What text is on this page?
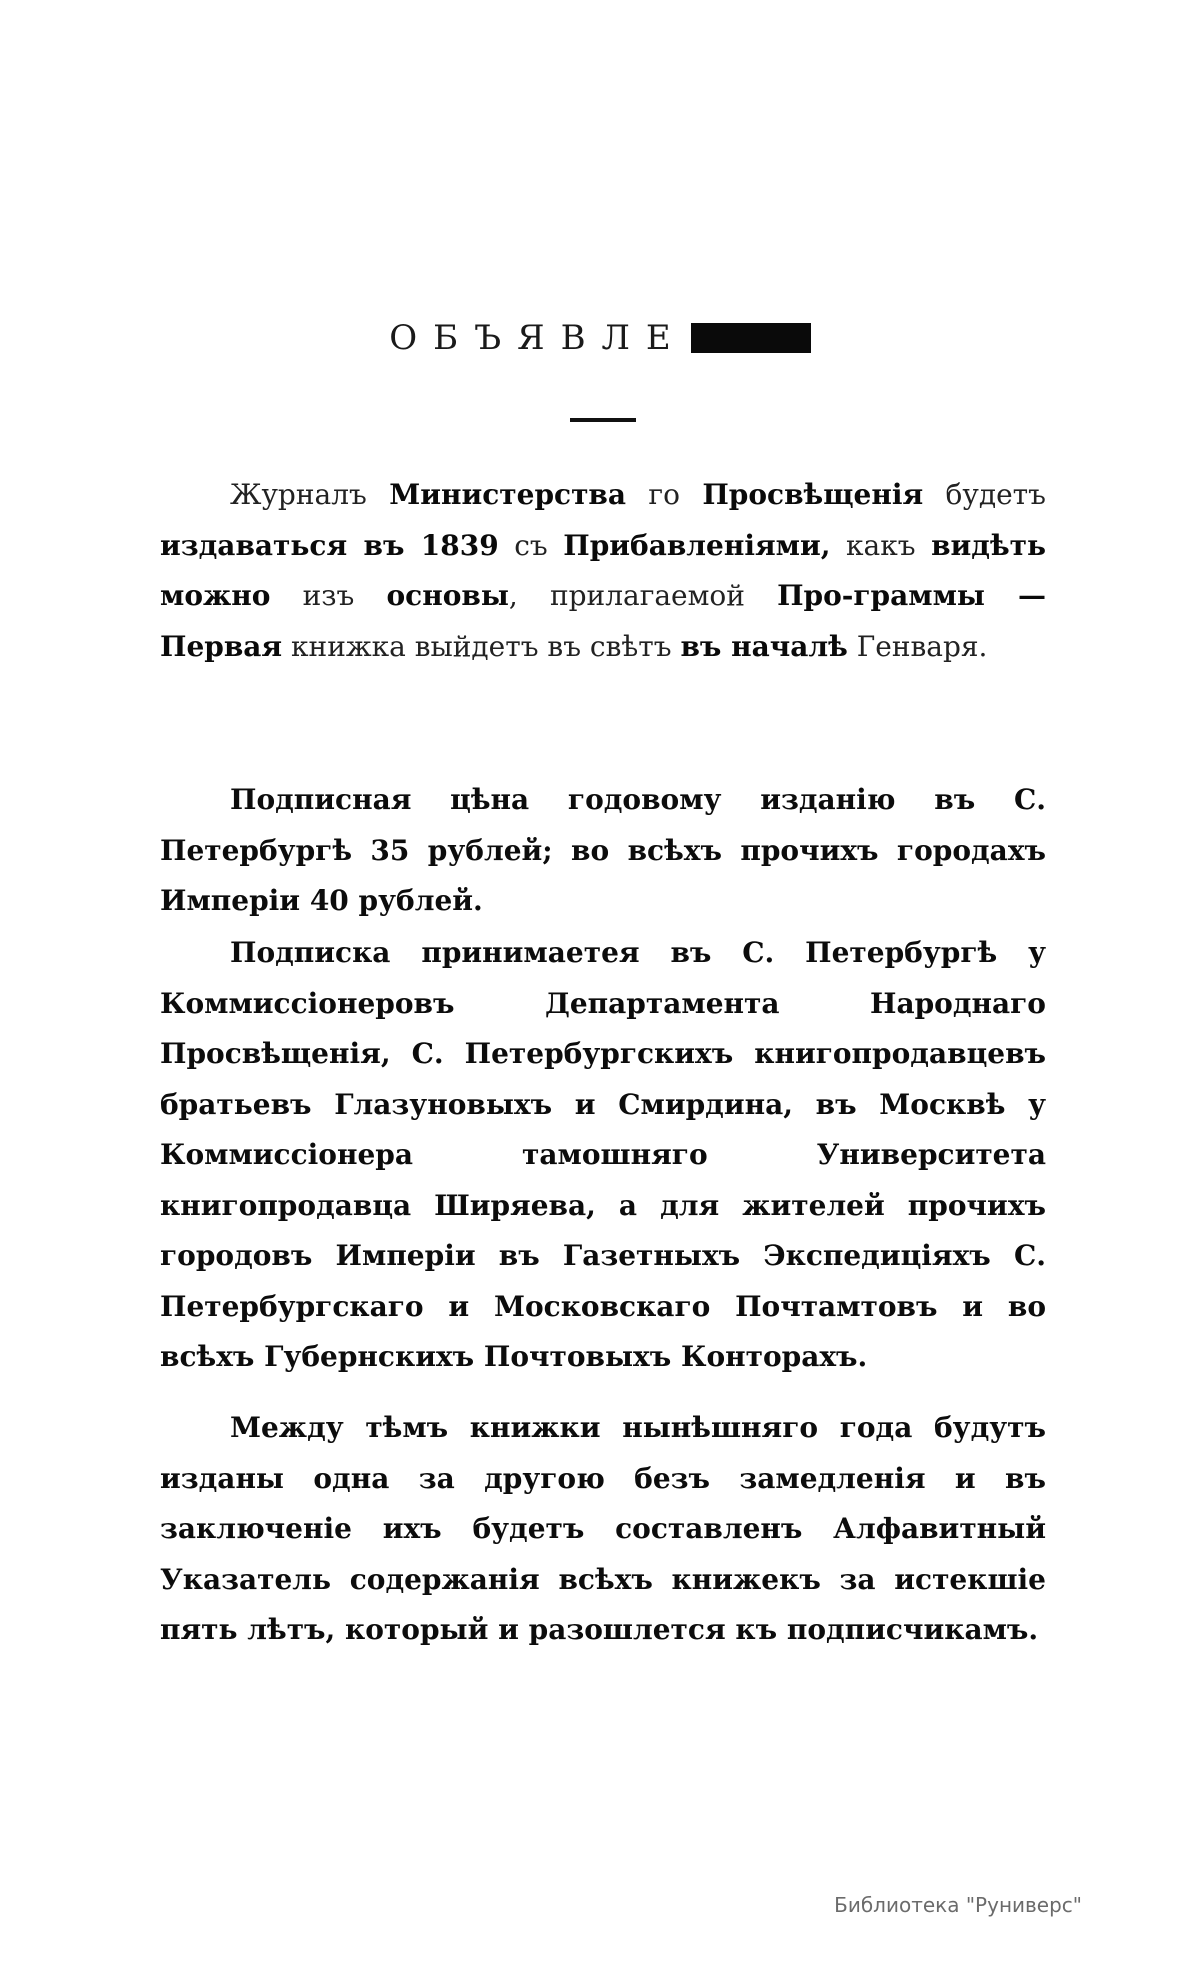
ОБЪЯВЛЕ
Журналъ Министерства го Просвѣщенія будетъ издаваться въ 1839 съ Прибавленіями, какъ видѣть можно изъ основы, прилагаемой Про-граммы — Первая книжка выйдетъ въ свѣтъ въ началѣ Генваря.
Подписная цѣна годовому изданію въ С. Петербургѣ 35 рублей; во всѣхъ прочихъ городахъ Имперіи 40 рублей.
Подписка принимаетея въ С. Петербургѣ у Коммиссіонеровъ Департамента Народнаго Просвѣщенія, С. Петербургскихъ книгопродавцевъ братьевъ Глазуновыхъ и Смирдина, въ Москвѣ у Коммиссіонера тамошняго Университета книгопродавца Ширяева, а для жителей прочихъ городовъ Имперіи въ Газетныхъ Экспедиціяхъ С. Петербургскаго и Московскаго Почтамтовъ и во всѣхъ Губернскихъ Почтовыхъ Конторахъ.
Между тѣмъ книжки нынѣшняго года будутъ изданы одна за другою безъ замедленія и въ заключеніе ихъ будетъ составленъ Алфавитный Указатель содержанія всѣхъ книжекъ за истекшіе пять лѣтъ, который и разошлется къ подписчикамъ.
Библиотека "Руниверс"
